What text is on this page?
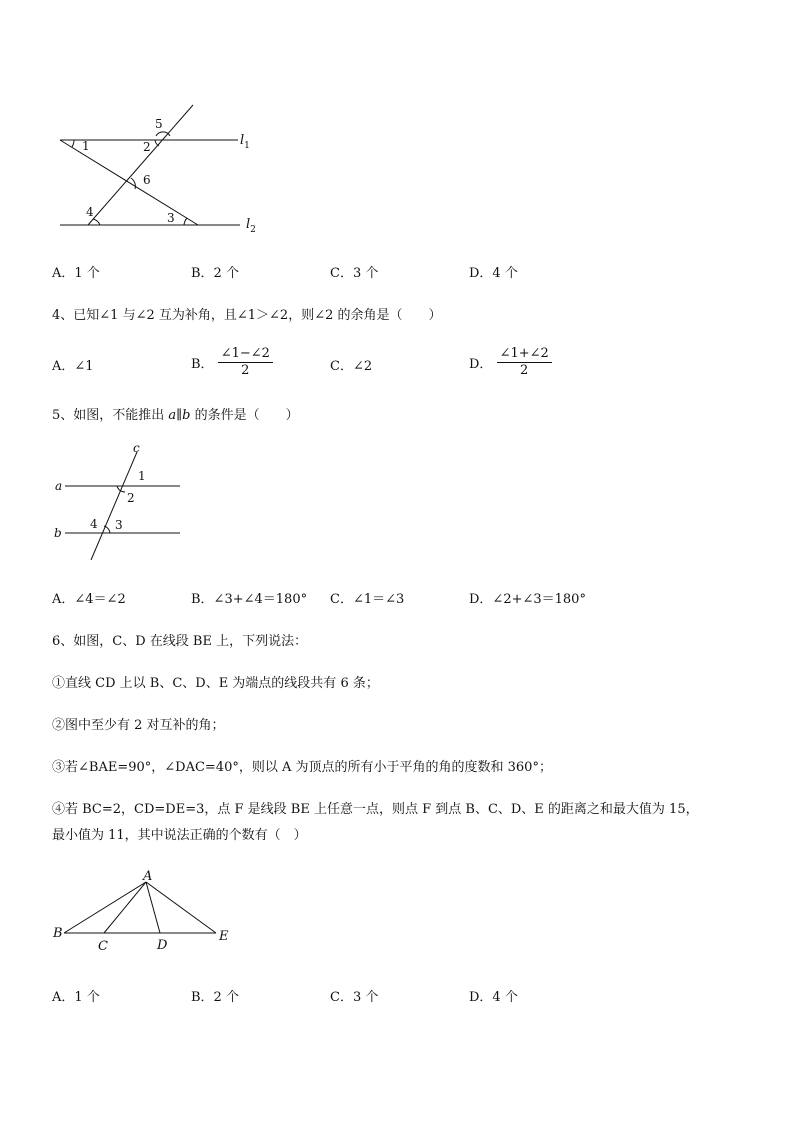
1	2
5
6
4	3
$l_1$
$l_2$
A．1 个	B．2 个	C．3 个	D．4 个
4、已知∠1 与∠2 互为补角，且∠1＞∠2，则∠2 的余角是（　　）
A．∠1	B． $\frac{\angle 1-\angle 2}{2}$	C．∠2	D． $\frac{\angle 1+\angle 2}{2}$
5、如图，不能推出 a∥b 的条件是（　　）
c
a
b
1
2
4 3
A．∠4＝∠2	B．∠3+∠4＝180° C．∠1＝∠3	D．∠2+∠3＝180°
6、如图，C、D 在线段 BE 上，下列说法：
①直线 CD 上以 B、C、D、E 为端点的线段共有 6 条；
②图中至少有 2 对互补的角；
③若∠BAE=90°，∠DAC=40°，则以 A 为顶点的所有小于平角的角的度数和 360°；
④若 BC=2，CD=DE=3，点 F 是线段 BE 上任意一点，则点 F 到点 B、C、D、E 的距离之和最大值为 15，
最小值为 11，其中说法正确的个数有（　）
A
B
C	D
E
A．1 个	B．2 个	C．3 个	D．4 个
